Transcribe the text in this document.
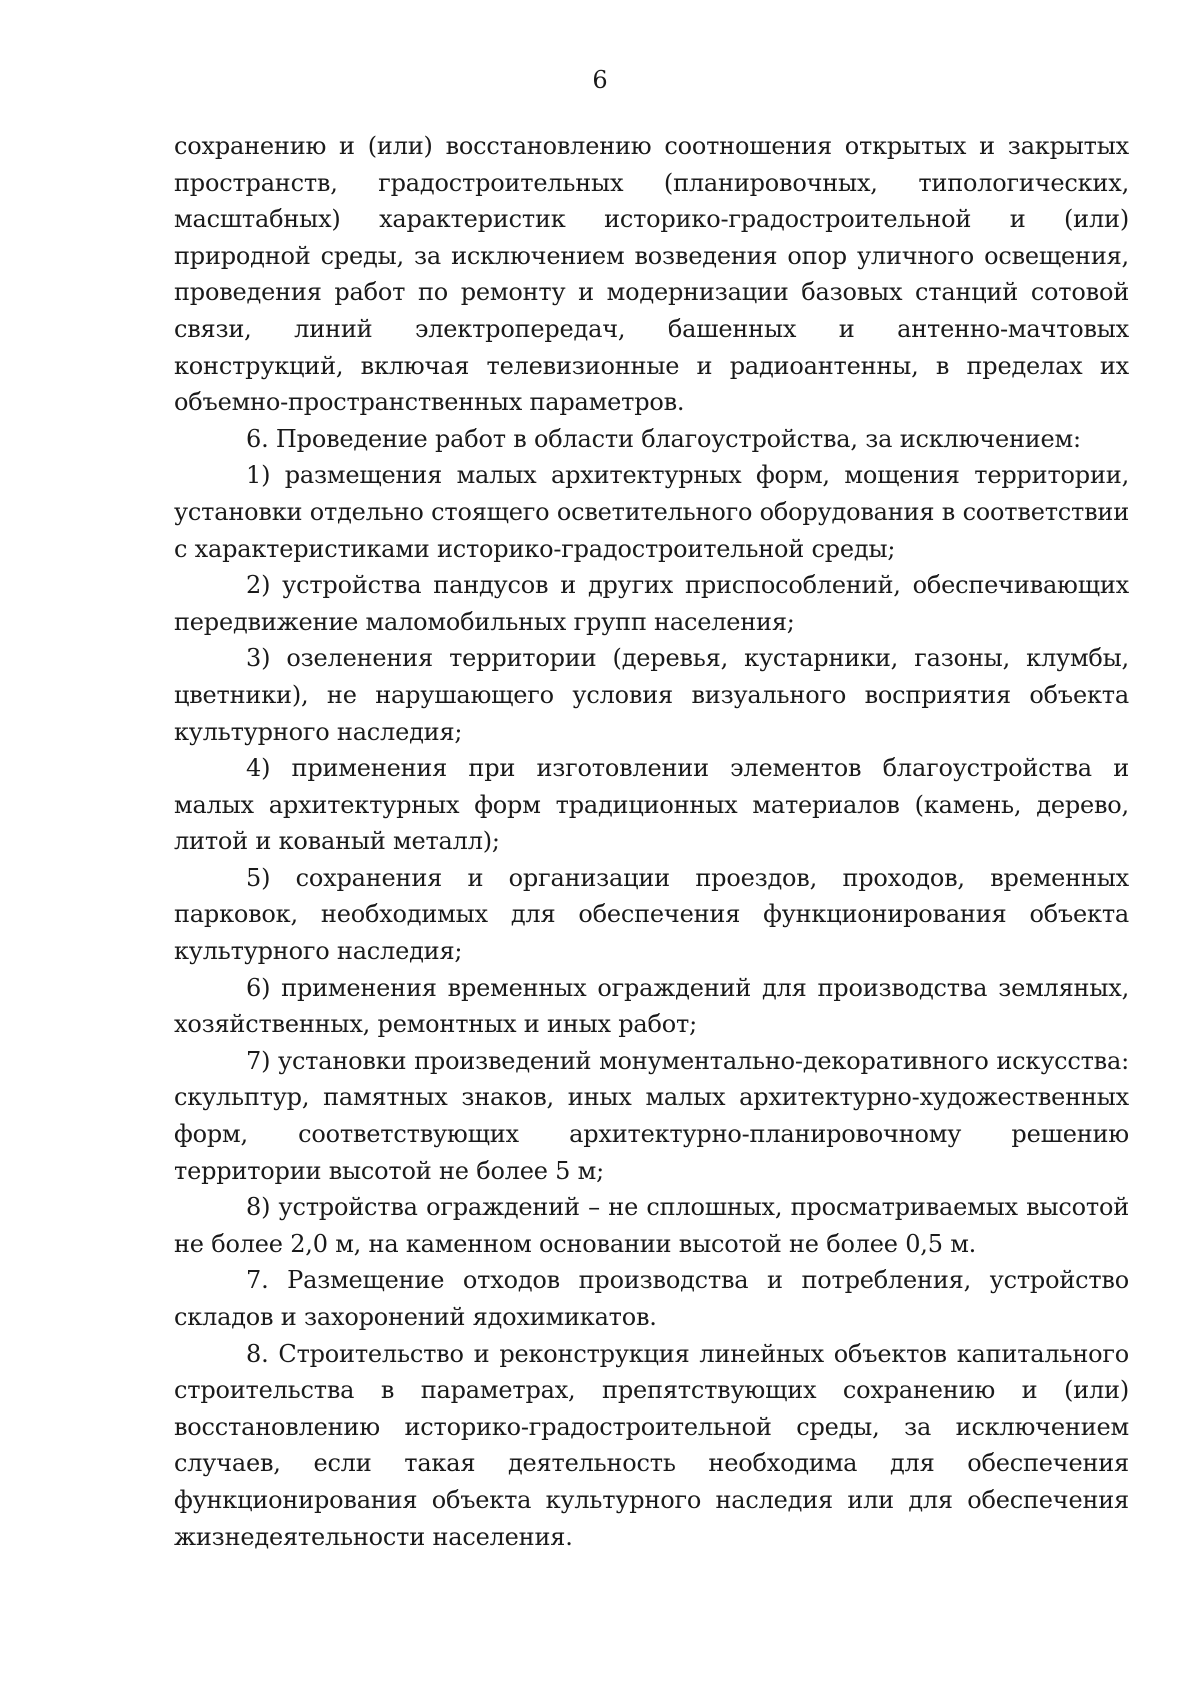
6

сохранению и (или) восстановлению соотношения открытых и закрытых пространств, градостроительных (планировочных, типологических, масштабных) характеристик историко-градостроительной и (или) природной среды, за исключением возведения опор уличного освещения, проведения работ по ремонту и модернизации базовых станций сотовой связи, линий электропередач, башенных и антенно-мачтовых конструкций, включая телевизионные и радиоантенны, в пределах их объемно-пространственных параметров.

6. Проведение работ в области благоустройства, за исключением:

1) размещения малых архитектурных форм, мощения территории, установки отдельно стоящего осветительного оборудования в соответствии с характеристиками историко-градостроительной среды;

2) устройства пандусов и других приспособлений, обеспечивающих передвижение маломобильных групп населения;

3) озеленения территории (деревья, кустарники, газоны, клумбы, цветники), не нарушающего условия визуального восприятия объекта культурного наследия;

4) применения при изготовлении элементов благоустройства и малых архитектурных форм традиционных материалов (камень, дерево, литой и кованый металл);

5) сохранения и организации проездов, проходов, временных парковок, необходимых для обеспечения функционирования объекта культурного наследия;

6) применения временных ограждений для производства земляных, хозяйственных, ремонтных и иных работ;

7) установки произведений монументально-декоративного искусства: скульптур, памятных знаков, иных малых архитектурно-художественных форм, соответствующих архитектурно-планировочному решению территории высотой не более 5 м;

8) устройства ограждений – не сплошных, просматриваемых высотой не более 2,0 м, на каменном основании высотой не более 0,5 м.

7. Размещение отходов производства и потребления, устройство складов и захоронений ядохимикатов.

8. Строительство и реконструкция линейных объектов капитального строительства в параметрах, препятствующих сохранению и (или) восстановлению историко-градостроительной среды, за исключением случаев, если такая деятельность необходима для обеспечения функционирования объекта культурного наследия или для обеспечения жизнедеятельности населения.
